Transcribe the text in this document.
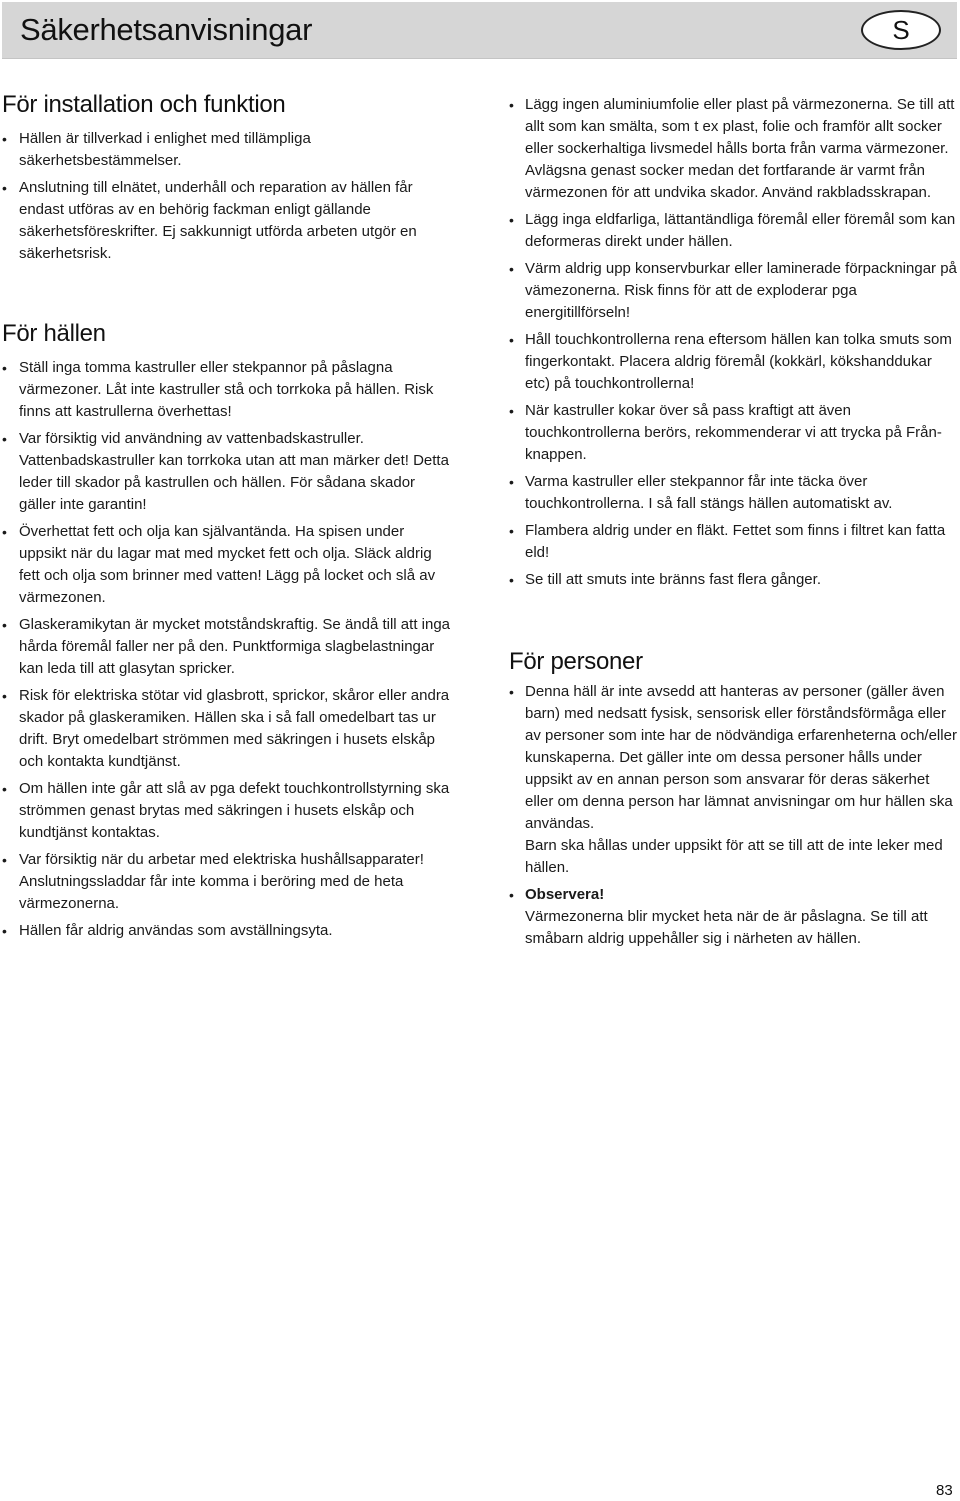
Säkerhetsanvisningar	S
För installation och funktion
• Hällen är tillverkad i enlighet med tillämpliga säkerhetsbestämmelser.
• Anslutning till elnätet, underhåll och reparation av hällen får endast utföras av en behörig fackman enligt gällande säkerhetsföreskrifter. Ej sakkunnigt utförda arbeten utgör en säkerhetsrisk.
För hällen
• Ställ inga tomma kastruller eller stekpannor på påslagna värmezoner. Låt inte kastruller stå och torrkoka på hällen. Risk finns att kastrullerna överhettas!
• Var försiktig vid användning av vattenbadskastruller. Vattenbadskastruller kan torrkoka utan att man märker det! Detta leder till skador på kastrullen och hällen. För sådana skador gäller inte garantin!
• Överhettat fett och olja kan självantända. Ha spisen under uppsikt när du lagar mat med mycket fett och olja. Släck aldrig fett och olja som brinner med vatten! Lägg på locket och slå av värmezonen.
• Glaskeramikytan är mycket motståndskraftig. Se ändå till att inga hårda föremål faller ner på den. Punktformiga slagbelastningar kan leda till att glasytan spricker.
• Risk för elektriska stötar vid glasbrott, sprickor, skåror eller andra skador på glaskeramiken. Hällen ska i så fall omedelbart tas ur drift. Bryt omedelbart strömmen med säkringen i husets elskåp och kontakta kundtjänst.
• Om hällen inte går att slå av pga defekt touchkontrollstyrning ska strömmen genast brytas med säkringen i husets elskåp och kundtjänst kontaktas.
• Var försiktig när du arbetar med elektriska hushållsapparater! Anslutningssladdar får inte komma i beröring med de heta värmezonerna.
• Hällen får aldrig användas som avställningsyta.
• Lägg ingen aluminiumfolie eller plast på värmezonerna. Se till att allt som kan smälta, som t ex plast, folie och framför allt socker eller sockerhaltiga livsmedel hålls borta från varma värmezoner. Avlägsna genast socker medan det fortfarande är varmt från värmezonen för att undvika skador. Använd rakbladsskrapan.
• Lägg inga eldfarliga, lättantändliga föremål eller föremål som kan deformeras direkt under hällen.
• Värm aldrig upp konservburkar eller laminerade förpackningar på vämezonerna. Risk finns för att de exploderar pga energitillförseln!
• Håll touchkontrollerna rena eftersom hällen kan tolka smuts som fingerkontakt. Placera aldrig föremål (kokkärl, kökshanddukar etc) på touchkontrollerna!
• När kastruller kokar över så pass kraftigt att även touchkontrollerna berörs, rekommenderar vi att trycka på Från-knappen.
• Varma kastruller eller stekpannor får inte täcka över touchkontrollerna. I så fall stängs hällen automatiskt av.
• Flambera aldrig under en fläkt. Fettet som finns i filtret kan fatta eld!
• Se till att smuts inte bränns fast flera gånger.
För personer
• Denna häll är inte avsedd att hanteras av personer (gäller även barn) med nedsatt fysisk, sensorisk eller förståndsförmåga eller av personer som inte har de nödvändiga erfarenheterna och/eller kunskaperna. Det gäller inte om dessa personer hålls under uppsikt av en annan person som ansvarar för deras säkerhet eller om denna person har lämnat anvisningar om hur hällen ska användas.
Barn ska hållas under uppsikt för att se till att de inte leker med hällen.
• Observera!
Värmezonerna blir mycket heta när de är påslagna. Se till att småbarn aldrig uppehåller sig i närheten av hällen.
83
